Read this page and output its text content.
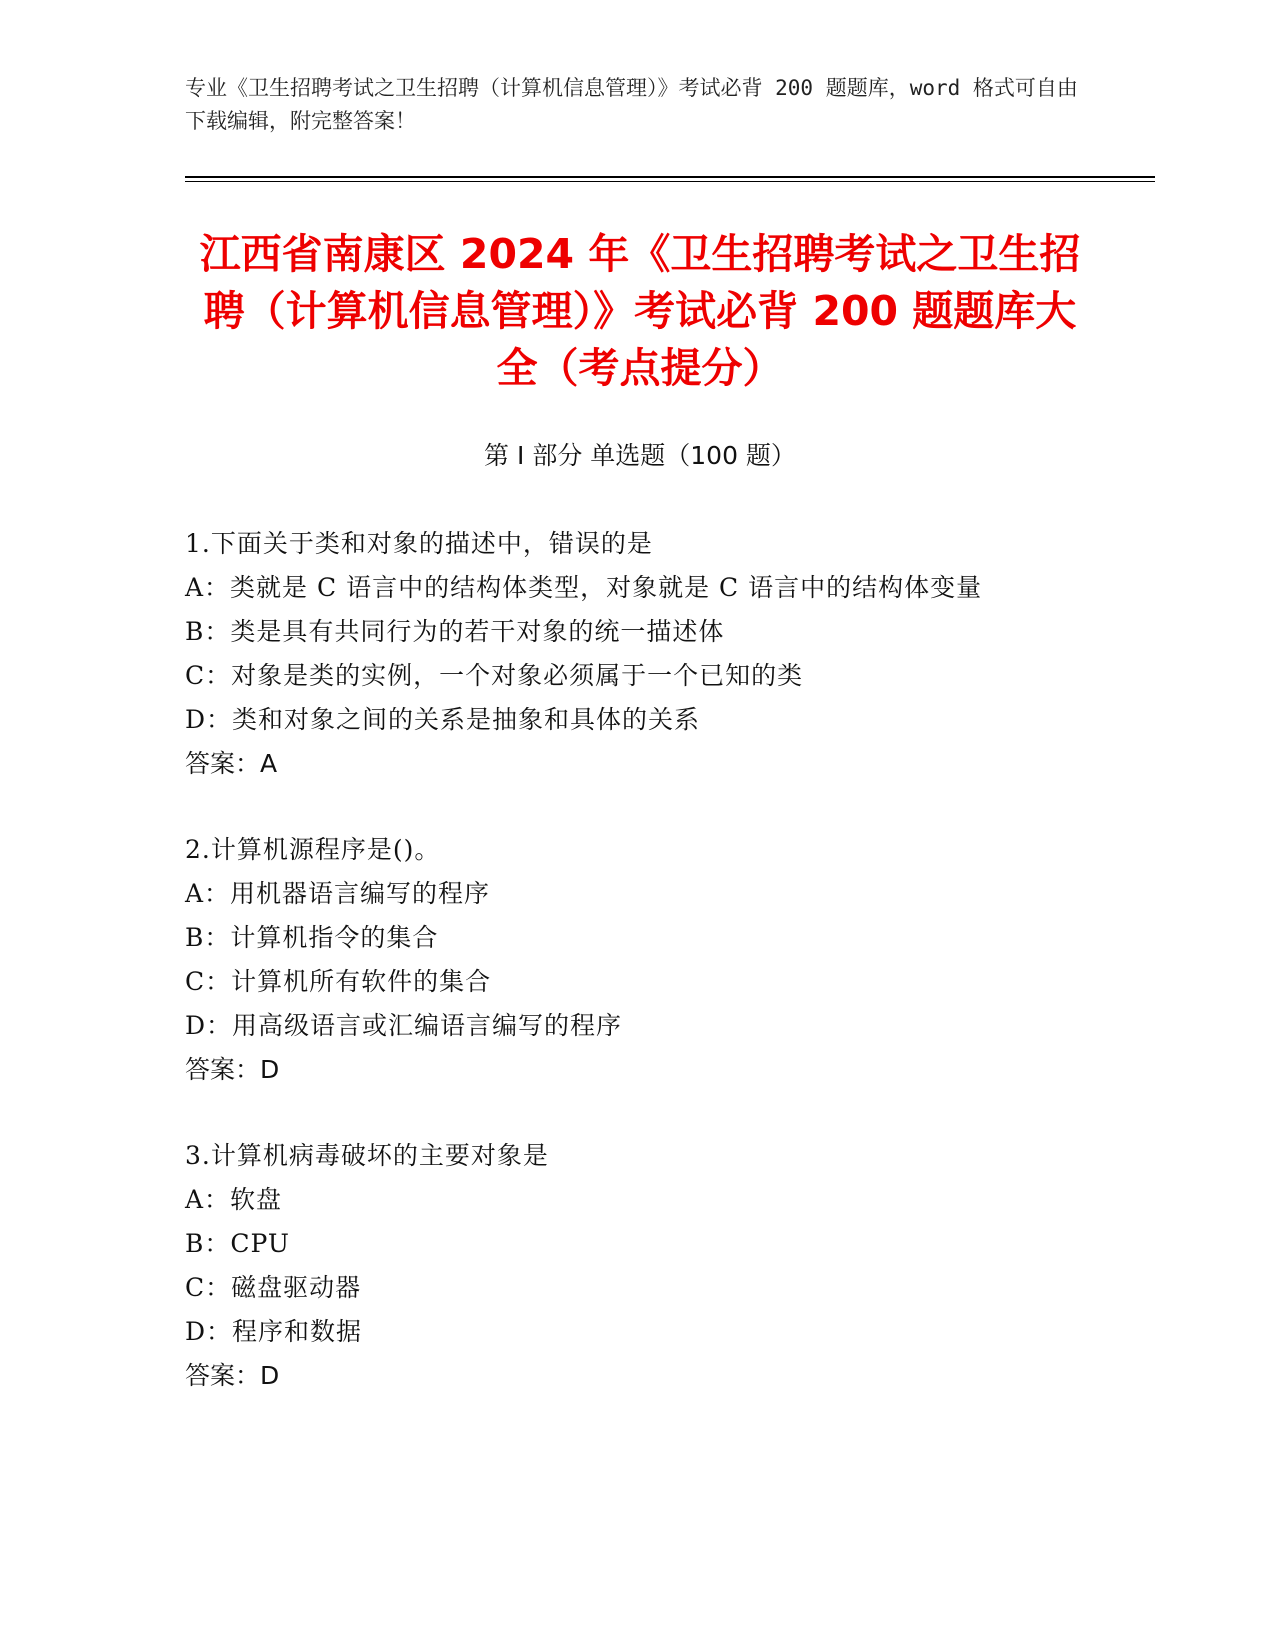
专业《卫生招聘考试之卫生招聘（计算机信息管理）》考试必背 200 题题库，word 格式可自由下载编辑，附完整答案！
江西省南康区 2024 年《卫生招聘考试之卫生招聘（计算机信息管理）》考试必背 200 题题库大全（考点提分）
第 I 部分 单选题（100 题）
1.下面关于类和对象的描述中，错误的是
A：类就是 C 语言中的结构体类型，对象就是 C 语言中的结构体变量
B：类是具有共同行为的若干对象的统一描述体
C：对象是类的实例，一个对象必须属于一个已知的类
D：类和对象之间的关系是抽象和具体的关系
答案：A
2.计算机源程序是()。
A：用机器语言编写的程序
B：计算机指令的集合
C：计算机所有软件的集合
D：用高级语言或汇编语言编写的程序
答案：D
3.计算机病毒破坏的主要对象是
A：软盘
B：CPU
C：磁盘驱动器
D：程序和数据
答案：D
